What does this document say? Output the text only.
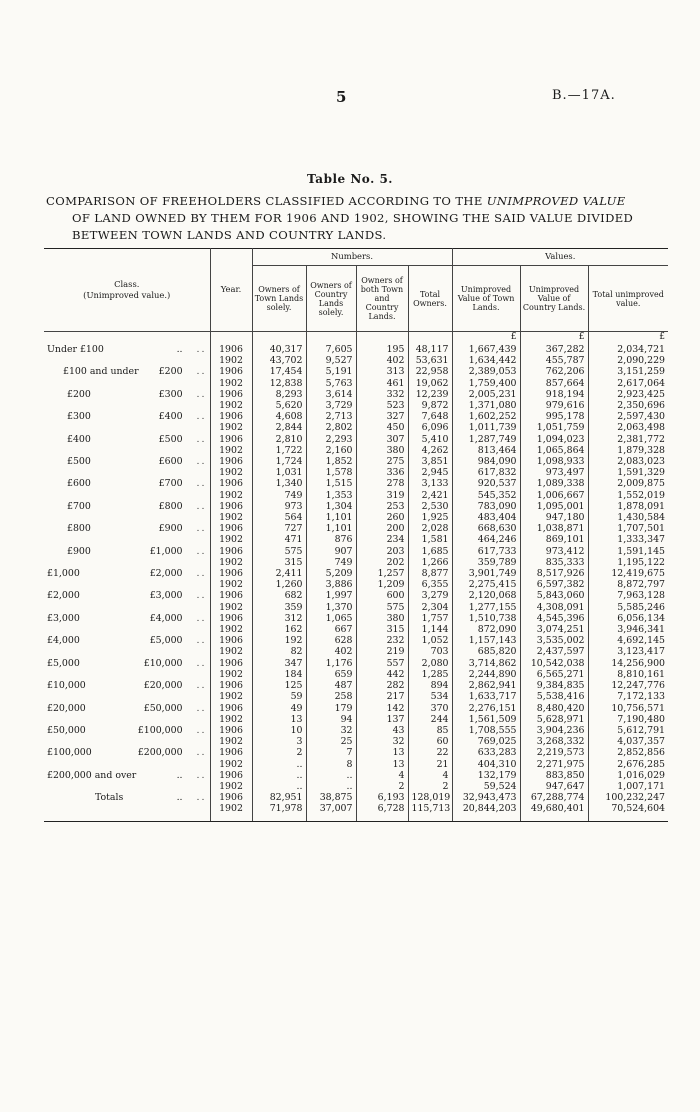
5	B.—17A.
Table No. 5.
COMPARISON OF FREEHOLDERS CLASSIFIED ACCORDING TO THE UNIMPROVED VALUE
OF LAND OWNED BY THEM FOR 1906 AND 1902, SHOWING THE SAID VALUE DIVIDED
BETWEEN TOWN LANDS AND COUNTRY LANDS.
Class.
(Unimproved value.)	Year.	Numbers.				Values.		
		Owners of Town Lands solely.	Owners of Country Lands solely.	Owners of both Town and Country Lands.	Total Owners.	Unimproved Value of Town Lands.	Unimproved Value of Country Lands.	Total unimproved value.
						£	£	£

Under £100 .. ..	1906	40,317	7,605	195	48,117	1,667,439	367,282	2,034,721
	1902	43,702	9,527	402	53,631	1,634,442	455,787	2,090,229

£100 and under £200 ..	1906	17,454	5,191	313	22,958	2,389,053	762,206	3,151,259
	1902	12,838	5,763	461	19,062	1,759,400	857,664	2,617,064

£200 £300 ..	1906	8,293	3,614	332	12,239	2,005,231	918,194	2,923,425
	1902	5,620	3,729	523	9,872	1,371,080	979,616	2,350,696

£300 £400 ..	1906	4,608	2,713	327	7,648	1,602,252	995,178	2,597,430
	1902	2,844	2,802	450	6,096	1,011,739	1,051,759	2,063,498

£400 £500 ..	1906	2,810	2,293	307	5,410	1,287,749	1,094,023	2,381,772
	1902	1,722	2,160	380	4,262	813,464	1,065,864	1,879,328

£500 £600 ..	1906	1,724	1,852	275	3,851	984,090	1,098,933	2,083,023
	1902	1,031	1,578	336	2,945	617,832	973,497	1,591,329

£600 £700 ..	1906	1,340	1,515	278	3,133	920,537	1,089,338	2,009,875
	1902	749	1,353	319	2,421	545,352	1,006,667	1,552,019

£700 £800 ..	1906	973	1,304	253	2,530	783,090	1,095,001	1,878,091
	1902	564	1,101	260	1,925	483,404	947,180	1,430,584

£800 £900 ..	1906	727	1,101	200	2,028	668,630	1,038,871	1,707,501
	1902	471	876	234	1,581	464,246	869,101	1,333,347

£900 £1,000 ..	1906	575	907	203	1,685	617,733	973,412	1,591,145
	1902	315	749	202	1,266	359,789	835,333	1,195,122

£1,000 £2,000 ..	1906	2,411	5,209	1,257	8,877	3,901,749	8,517,926	12,419,675
	1902	1,260	3,886	1,209	6,355	2,275,415	6,597,382	8,872,797

£2,000 £3,000 ..	1906	682	1,997	600	3,279	2,120,068	5,843,060	7,963,128
	1902	359	1,370	575	2,304	1,277,155	4,308,091	5,585,246

£3,000 £4,000 ..	1906	312	1,065	380	1,757	1,510,738	4,545,396	6,056,134
	1902	162	667	315	1,144	872,090	3,074,251	3,946,341

£4,000 £5,000 ..	1906	192	628	232	1,052	1,157,143	3,535,002	4,692,145
	1902	82	402	219	703	685,820	2,437,597	3,123,417

£5,000 £10,000 ..	1906	347	1,176	557	2,080	3,714,862	10,542,038	14,256,900
	1902	184	659	442	1,285	2,244,890	6,565,271	8,810,161

£10,000 £20,000 ..	1906	125	487	282	894	2,862,941	9,384,835	12,247,776
	1902	59	258	217	534	1,633,717	5,538,416	7,172,133

£20,000 £50,000 ..	1906	49	179	142	370	2,276,151	8,480,420	10,756,571
	1902	13	94	137	244	1,561,509	5,628,971	7,190,480

£50,000 £100,000 ..	1906	10	32	43	85	1,708,555	3,904,236	5,612,791
	1902	3	25	32	60	769,025	3,268,332	4,037,357

£100,000 £200,000 ..	1906	2	7	13	22	633,283	2,219,573	2,852,856
	1902	..	8	13	21	404,310	2,271,975	2,676,285

£200,000 and over .. ..	1906	..	..	4	4	132,179	883,850	1,016,029
	1902	..	..	2	2	59,524	947,647	1,007,171

Totals .. ..	1906	82,951	38,875	6,193	128,019	32,943,473	67,288,774	100,232,247
	1902	71,978	37,007	6,728	115,713	20,844,203	49,680,401	70,524,604
